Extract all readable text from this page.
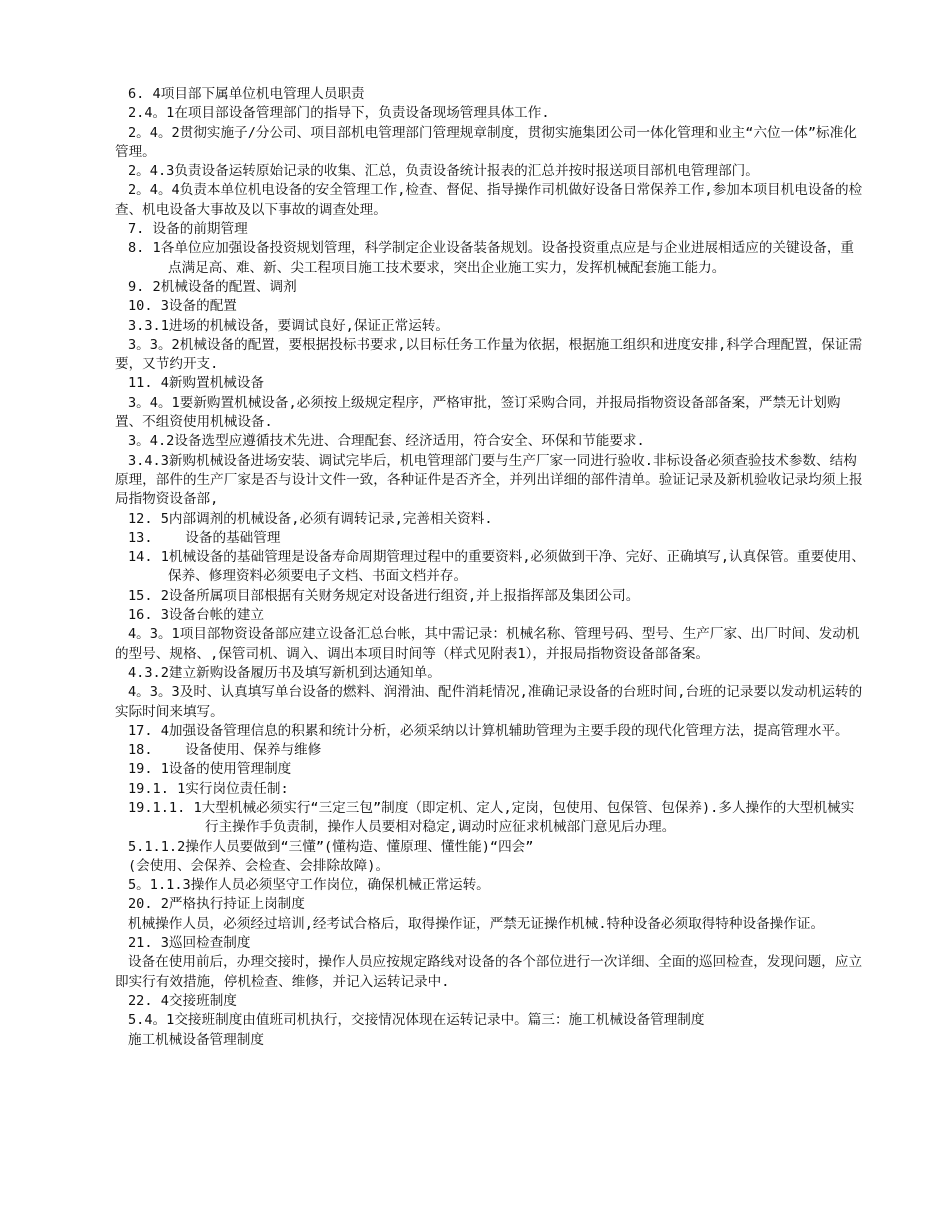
6. 4项目部下属单位机电管理人员职责

2.4。1在项目部设备管理部门的指导下，负责设备现场管理具体工作.

2。4。2贯彻实施子/分公司、项目部机电管理部门管理规章制度，贯彻实施集团公司一体化管理和业主“六位一体”标准化管理。

2。4.3负责设备运转原始记录的收集、汇总，负责设备统计报表的汇总并按时报送项目部机电管理部门。

2。4。4负责本单位机电设备的安全管理工作,检查、督促、指导操作司机做好设备日常保养工作,参加本项目机电设备的检查、机电设备大事故及以下事故的调查处理。

7. 设备的前期管理

8. 1各单位应加强设备投资规划管理，科学制定企业设备装备规划。设备投资重点应是与企业进展相适应的关键设备，重点满足高、难、新、尖工程项目施工技术要求，突出企业施工实力，发挥机械配套施工能力。

9. 2机械设备的配置、调剂

10. 3设备的配置

3.3.1进场的机械设备，要调试良好,保证正常运转。

3。3。2机械设备的配置，要根据投标书要求,以目标任务工作量为依据，根据施工组织和进度安排,科学合理配置，保证需要，又节约开支.

11. 4新购置机械设备

3。4。1要新购置机械设备,必须按上级规定程序，严格审批，签订采购合同，并报局指物资设备部备案，严禁无计划购置、不组资使用机械设备.

3。4.2设备选型应遵循技术先进、合理配套、经济适用，符合安全、环保和节能要求.

3.4.3新购机械设备进场安装、调试完毕后，机电管理部门要与生产厂家一同进行验收.非标设备必须查验技术参数、结构原理，部件的生产厂家是否与设计文件一致，各种证件是否齐全，并列出详细的部件清单。验证记录及新机验收记录均须上报局指物资设备部,

12. 5内部调剂的机械设备,必须有调转记录,完善相关资料.

13.    设备的基础管理

14. 1机械设备的基础管理是设备寿命周期管理过程中的重要资料,必须做到干净、完好、正确填写,认真保管。重要使用、保养、修理资料必须要电子文档、书面文档并存。

15. 2设备所属项目部根据有关财务规定对设备进行组资,并上报指挥部及集团公司。

16. 3设备台帐的建立

4。3。1项目部物资设备部应建立设备汇总台帐，其中需记录：机械名称、管理号码、型号、生产厂家、出厂时间、发动机的型号、规格、,保管司机、调入、调出本项目时间等（样式见附表1），并报局指物资设备部备案。

4.3.2建立新购设备履历书及填写新机到达通知单。

4。3。3及时、认真填写单台设备的燃料、润滑油、配件消耗情况,准确记录设备的台班时间,台班的记录要以发动机运转的实际时间来填写。

17. 4加强设备管理信息的积累和统计分析，必须采纳以计算机辅助管理为主要手段的现代化管理方法，提高管理水平。

18.    设备使用、保养与维修

19. 1设备的使用管理制度

19.1. 1实行岗位责任制:

19.1.1. 1大型机械必须实行“三定三包”制度（即定机、定人,定岗，包使用、包保管、包保养).多人操作的大型机械实行主操作手负责制，操作人员要相对稳定,调动时应征求机械部门意见后办理。

5.1.1.2操作人员要做到“三懂”(懂构造、懂原理、懂性能)“四会”

(会使用、会保养、会检查、会排除故障)。

5。1.1.3操作人员必须坚守工作岗位，确保机械正常运转。

20. 2严格执行持证上岗制度

机械操作人员，必须经过培训,经考试合格后，取得操作证，严禁无证操作机械.特种设备必须取得特种设备操作证。

21. 3巡回检查制度

设备在使用前后，办理交接时，操作人员应按规定路线对设备的各个部位进行一次详细、全面的巡回检查，发现问题，应立即实行有效措施，停机检查、维修，并记入运转记录中.

22. 4交接班制度

5.4。1交接班制度由值班司机执行，交接情况体现在运转记录中。篇三：施工机械设备管理制度

施工机械设备管理制度
